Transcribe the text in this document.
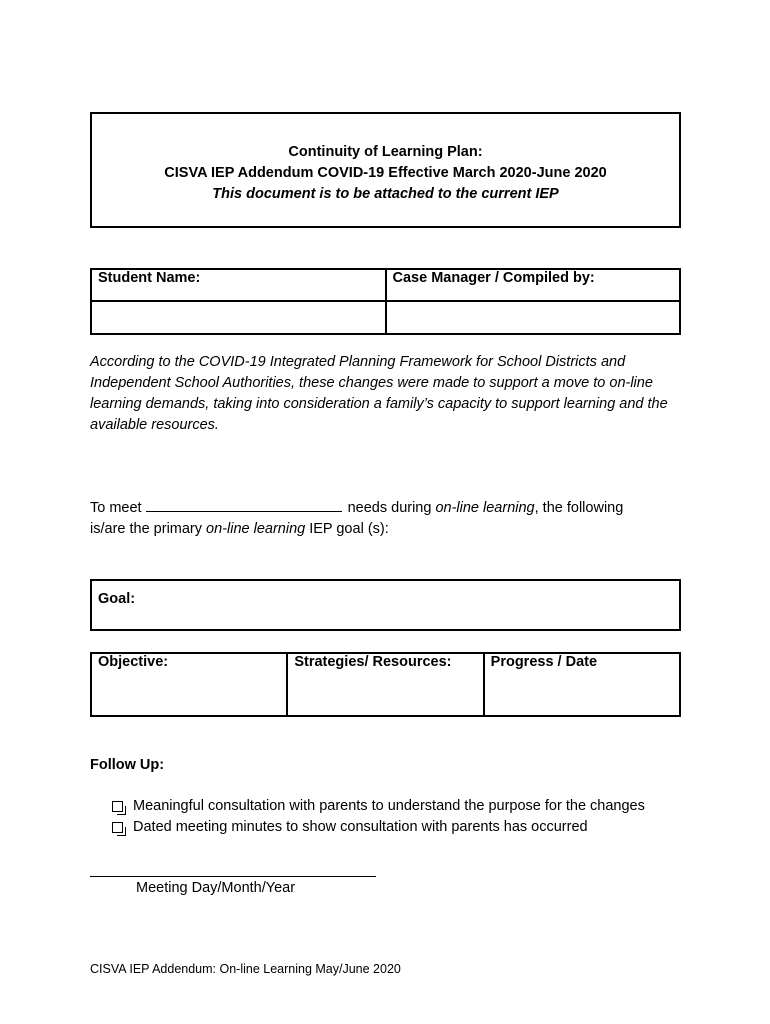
Continuity of Learning Plan:
CISVA IEP Addendum COVID-19 Effective March 2020-June 2020
This document is to be attached to the current IEP
Student Name:	Case Manager / Compiled by:

According to the COVID-19 Integrated Planning Framework for School Districts and Independent School Authorities, these changes were made to support a move to on-line learning demands, taking into consideration a family’s capacity to support learning and the available resources.
To meet	needs during on-line learning, the following
is/are the primary on-line learning IEP goal (s):
Goal:
Objective:	Strategies/ Resources:	Progress / Date
Follow Up:
Meaningful consultation with parents to understand the purpose for the changes
Dated meeting minutes to show consultation with parents has occurred
Meeting Day/Month/Year
CISVA IEP Addendum: On-line Learning May/June 2020
